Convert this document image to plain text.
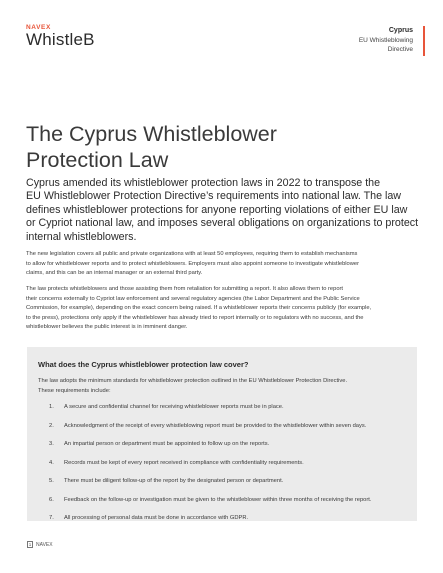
NAVEX
WhistleB	Cyprus
EU Whistleblowing
Directive
The Cyprus Whistleblower
Protection Law
Cyprus amended its whistleblower protection laws in 2022 to transpose the
EU Whistleblower Protection Directive’s requirements into national law. The law
defines whistleblower protections for anyone reporting violations of either EU law
or Cypriot national law, and imposes several obligations on organizations to protect
internal whistleblowers.
The new legislation covers all public and private organizations with at least 50 employees, requiring them to establish mechanisms
to allow for whistleblower reports and to protect whistleblowers. Employers must also appoint someone to investigate whistleblower
claims, and this can be an internal manager or an external third party.
The law protects whistleblowers and those assisting them from retaliation for submitting a report. It also allows them to report
their concerns externally to Cypriot law enforcement and several regulatory agencies (the Labor Department and the Public Service
Commission, for example), depending on the exact concern being raised. If a whistleblower reports their concerns publicly (for example,
to the press), protections only apply if the whistleblower has already tried to report internally or to regulators with no success, and the
whistleblower believes the public interest is in imminent danger.
What does the Cyprus whistleblower protection law cover?
The law adopts the minimum standards for whistleblower protection outlined in the EU Whistleblower Protection Directive.
These requirements include:
1.	A secure and confidential channel for receiving whistleblower reports must be in place.
2.	Acknowledgment of the receipt of every whistleblowing report must be provided to the whistleblower within seven days.
3.	An impartial person or department must be appointed to follow up on the reports.
4.	Records must be kept of every report received in compliance with confidentiality requirements.
5.	There must be diligent follow-up of the report by the designated person or department.
6.	Feedback on the follow-up or investigation must be given to the whistleblower within three months of receiving the report.
7.	All processing of personal data must be done in accordance with GDPR.
1 NAVEX
